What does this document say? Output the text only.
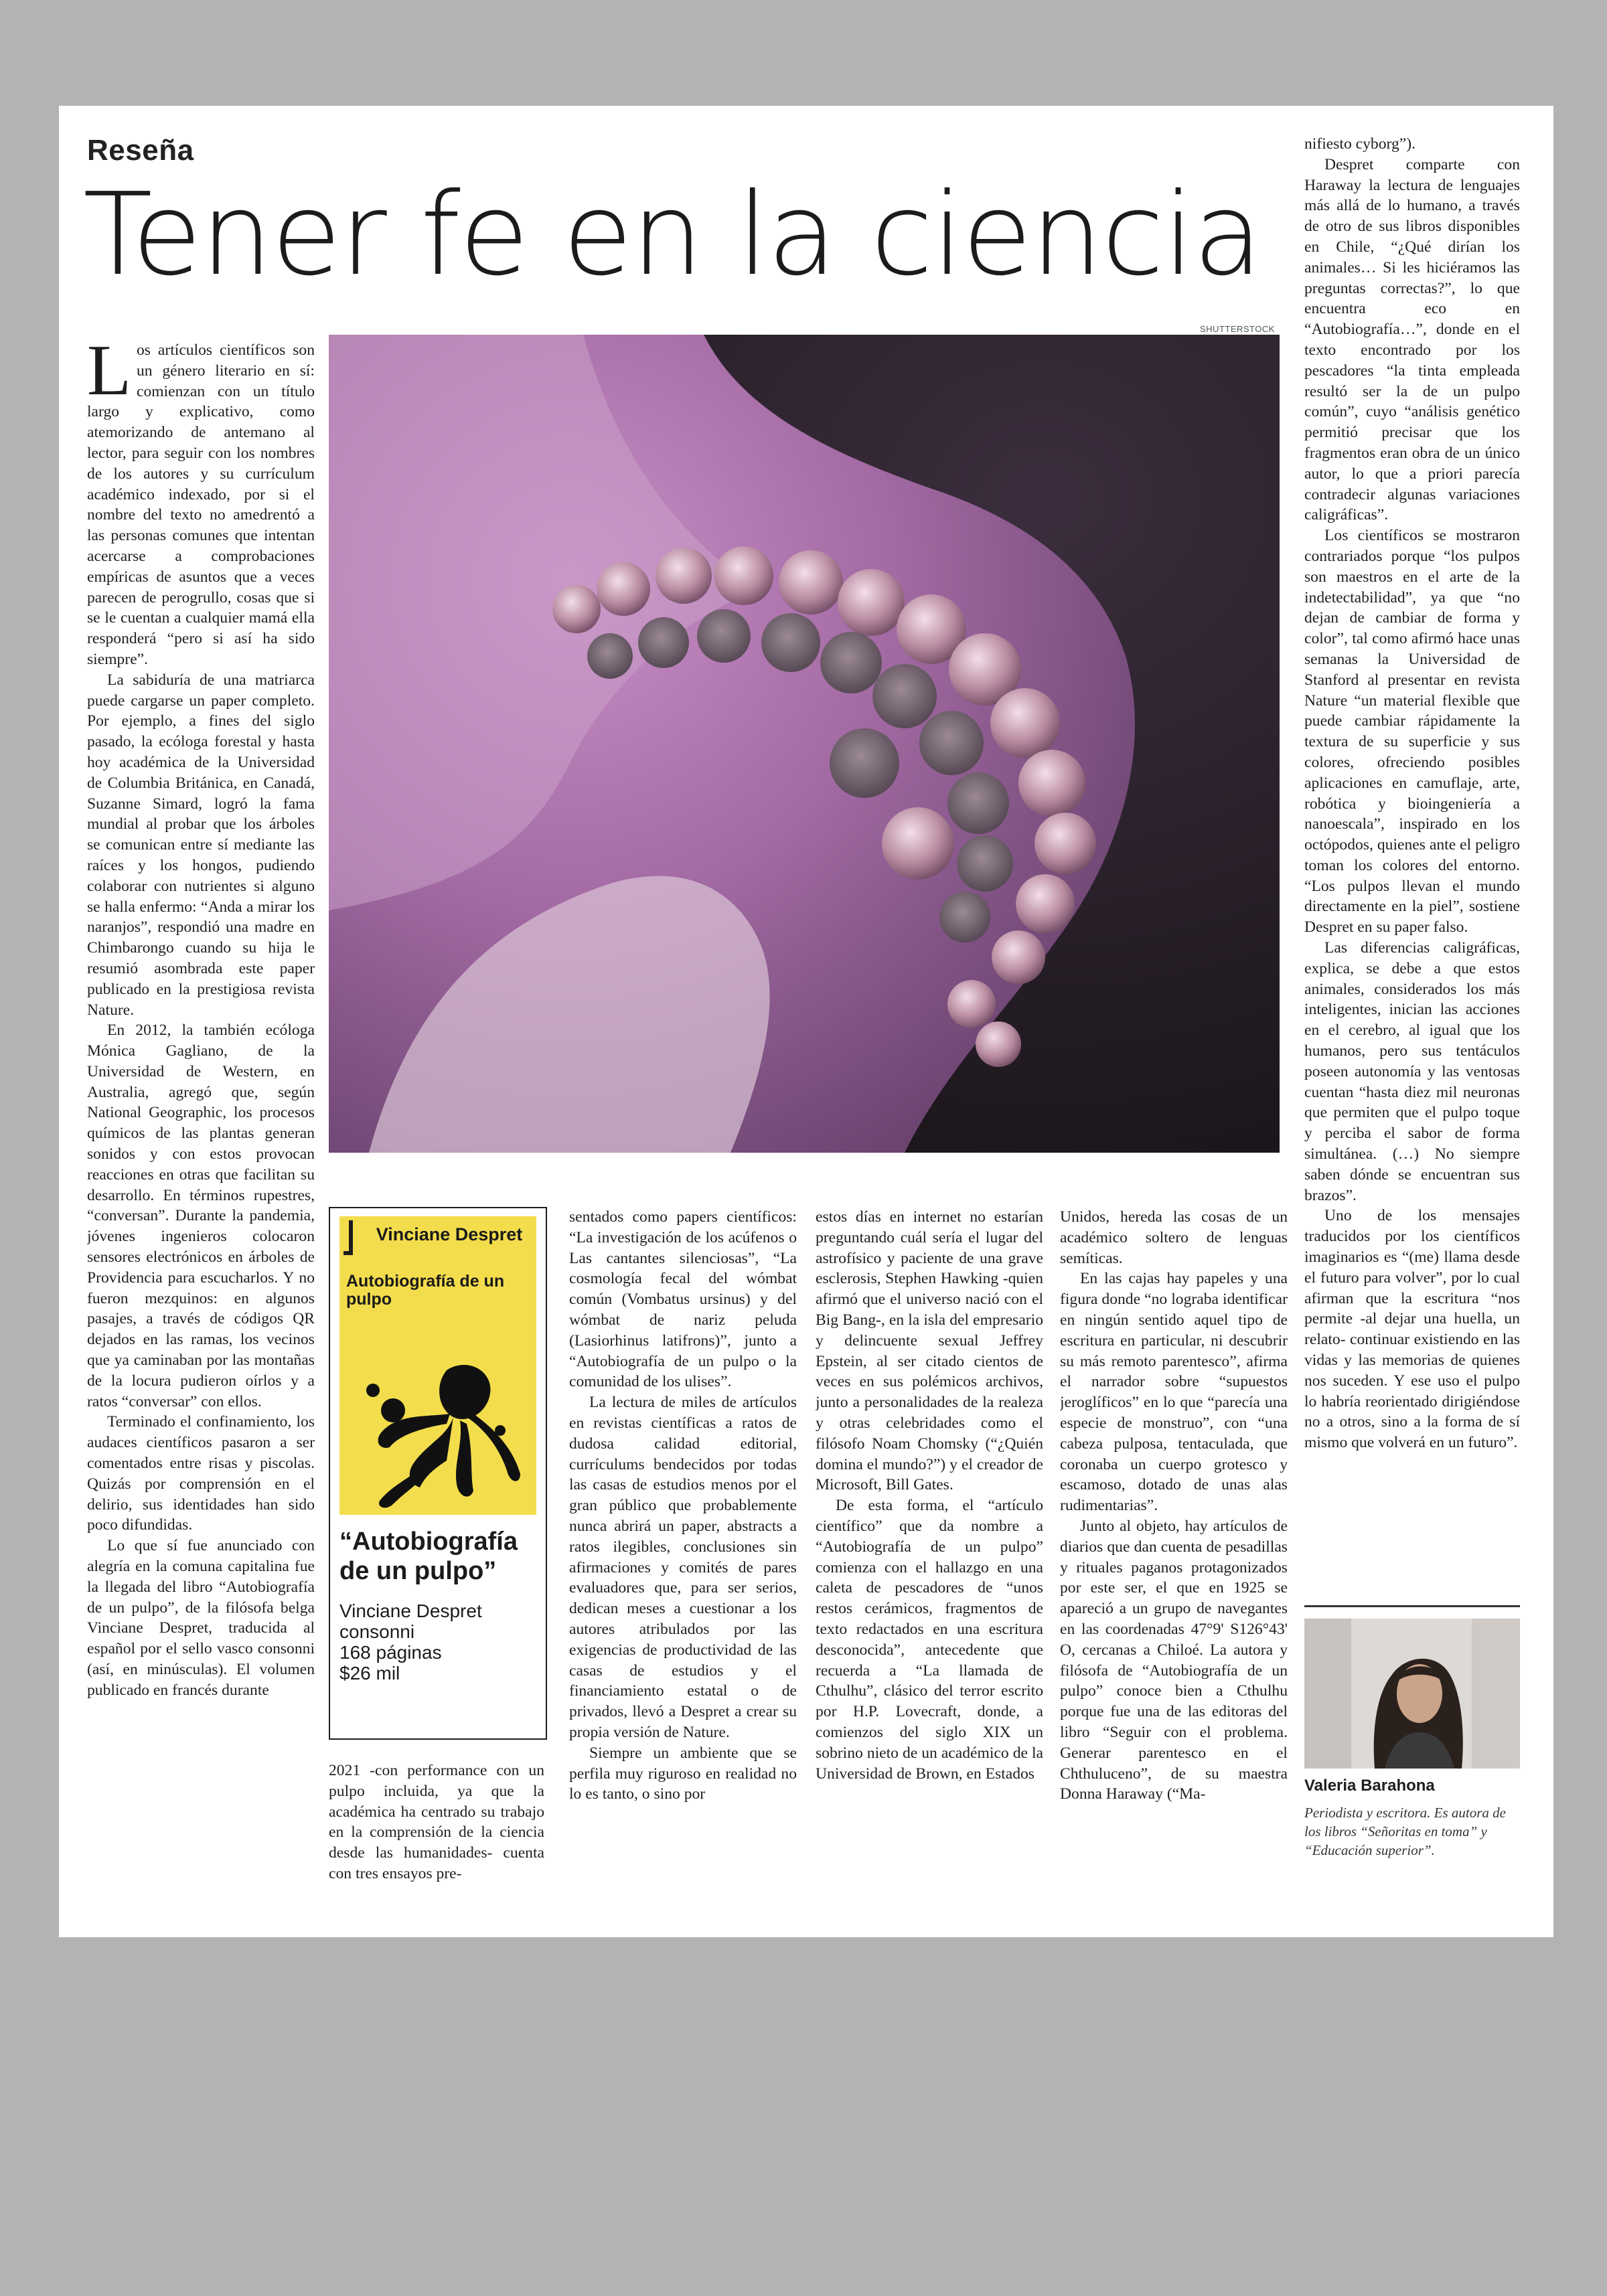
Reseña
Tener fe en la ciencia

Los artículos científicos son un género literario en sí: comienzan con un título largo y explicativo, como atemorizando de antemano al lector, para seguir con los nombres de los autores y su currículum académico indexado, por si el nombre del texto no amedrentó a las personas comunes que intentan acercarse a comprobaciones empíricas de asuntos que a veces parecen de perogrullo, cosas que si se le cuentan a cualquier mamá ella responderá “pero si así ha sido siempre”.

La sabiduría de una matriarca puede cargarse un paper completo. Por ejemplo, a fines del siglo pasado, la ecóloga forestal y hasta hoy académica de la Universidad de Columbia Británica, en Canadá, Suzanne Simard, logró la fama mundial al probar que los árboles se comunican entre sí mediante las raíces y los hongos, pudiendo colaborar con nutrientes si alguno se halla enfermo: “Anda a mirar los naranjos”, respondió una madre en Chimbarongo cuando su hija le resumió asombrada este paper publicado en la prestigiosa revista Nature.

En 2012, la también ecóloga Mónica Gagliano, de la Universidad de Western, en Australia, agregó que, según National Geographic, los procesos químicos de las plantas generan sonidos y con estos provocan reacciones en otras que facilitan su desarrollo. En términos rupestres, “conversan”. Durante la pandemia, jóvenes ingenieros colocaron sensores electrónicos en árboles de Providencia para escucharlos. Y no fueron mezquinos: en algunos pasajes, a través de códigos QR dejados en las ramas, los vecinos que ya caminaban por las montañas de la locura pudieron oírlos y a ratos “conversar” con ellos.

Terminado el confinamiento, los audaces científicos pasaron a ser comentados entre risas y piscolas. Quizás por comprensión en el delirio, sus identidades han sido poco difundidas.

Lo que sí fue anunciado con alegría en la comuna capitalina fue la llegada del libro “Autobiografía de un pulpo”, de la filósofa belga Vinciane Despret, traducida al español por el sello vasco consonni (así, en minúsculas). El volumen publicado en francés durante

SHUTTERSTOCK
Vinciane Despret
Autobiografía de un pulpo
“Autobiografía de un pulpo”
Vinciane Despret
consonni
168 páginas
$26 mil

2021 -con performance con un pulpo incluida, ya que la académica ha centrado su trabajo en la comprensión de la ciencia desde las humanidades- cuenta con tres ensayos pre-

sentados como papers científicos: “La investigación de los acúfenos o Las cantantes silenciosas”, “La cosmología fecal del wómbat común (Vombatus ursinus) y del wómbat de nariz peluda (Lasiorhinus latifrons)”, junto a “Autobiografía de un pulpo o la comunidad de los ulises”.

La lectura de miles de artículos en revistas científicas a ratos de dudosa calidad editorial, currículums bendecidos por todas las casas de estudios menos por el gran público que probablemente nunca abrirá un paper, abstracts a ratos ilegibles, conclusiones sin afirmaciones y comités de pares evaluadores que, para ser serios, dedican meses a cuestionar a los autores atribulados por las exigencias de productividad de las casas de estudios y el financiamiento estatal o de privados, llevó a Despret a crear su propia versión de Nature.

Siempre un ambiente que se perfila muy riguroso en realidad no lo es tanto, o sino por

estos días en internet no estarían preguntando cuál sería el lugar del astrofísico y paciente de una grave esclerosis, Stephen Hawking -quien afirmó que el universo nació con el Big Bang-, en la isla del empresario y delincuente sexual Jeffrey Epstein, al ser citado cientos de veces en sus polémicos archivos, junto a personalidades de la realeza y otras celebridades como el filósofo Noam Chomsky (“¿Quién domina el mundo?”) y el creador de Microsoft, Bill Gates.

De esta forma, el “artículo científico” que da nombre a “Autobiografía de un pulpo” comienza con el hallazgo en una caleta de pescadores de “unos restos cerámicos, fragmentos de texto redactados en una escritura desconocida”, antecedente que recuerda a “La llamada de Cthulhu”, clásico del terror escrito por H.P. Lovecraft, donde, a comienzos del siglo XIX un sobrino nieto de un académico de la Universidad de Brown, en Estados

Unidos, hereda las cosas de un académico soltero de lenguas semíticas.

En las cajas hay papeles y una figura donde “no lograba identificar en ningún sentido aquel tipo de escritura en particular, ni descubrir su más remoto parentesco”, afirma el narrador sobre “supuestos jeroglíficos” en lo que “parecía una especie de monstruo”, con “una cabeza pulposa, tentaculada, que coronaba un cuerpo grotesco y escamoso, dotado de unas alas rudimentarias”.

Junto al objeto, hay artículos de diarios que dan cuenta de pesadillas y rituales paganos protagonizados por este ser, el que en 1925 se apareció a un grupo de navegantes en las coordenadas 47°9' S126°43' O, cercanas a Chiloé. La autora y filósofa de “Autobiografía de un pulpo” conoce bien a Cthulhu porque fue una de las editoras del libro “Seguir con el problema. Generar parentesco en el Chthuluceno”, de su maestra Donna Haraway (“Ma-

nifiesto cyborg”).

Despret comparte con Haraway la lectura de lenguajes más allá de lo humano, a través de otro de sus libros disponibles en Chile, “¿Qué dirían los animales… Si les hiciéramos las preguntas correctas?”, lo que encuentra eco en “Autobiografía…”, donde en el texto encontrado por los pescadores “la tinta empleada resultó ser la de un pulpo común”, cuyo “análisis genético permitió precisar que los fragmentos eran obra de un único autor, lo que a priori parecía contradecir algunas variaciones caligráficas”.

Los científicos se mostraron contrariados porque “los pulpos son maestros en el arte de la indetectabilidad”, ya que “no dejan de cambiar de forma y color”, tal como afirmó hace unas semanas la Universidad de Stanford al presentar en revista Nature “un material flexible que puede cambiar rápidamente la textura de su superficie y sus colores, ofreciendo posibles aplicaciones en camuflaje, arte, robótica y bioingeniería a nanoescala”, inspirado en los octópodos, quienes ante el peligro toman los colores del entorno. “Los pulpos llevan el mundo directamente en la piel”, sostiene Despret en su paper falso.

Las diferencias caligráficas, explica, se debe a que estos animales, considerados los más inteligentes, inician las acciones en el cerebro, al igual que los humanos, pero sus tentáculos poseen autonomía y las ventosas cuentan “hasta diez mil neuronas que permiten que el pulpo toque y perciba el sabor de forma simultánea. (…) No siempre saben dónde se encuentran sus brazos”.

Uno de los mensajes traducidos por los científicos imaginarios es “(me) llama desde el futuro para volver”, por lo cual afirman que la escritura “nos permite -al dejar una huella, un relato- continuar existiendo en las vidas y las memorias de quienes nos suceden. Y ese uso el pulpo lo habría reorientado dirigiéndose no a otros, sino a la forma de sí mismo que volverá en un futuro”.

Valeria Barahona
Periodista y escritora. Es autora de los libros “Señoritas en toma” y “Educación superior”.
